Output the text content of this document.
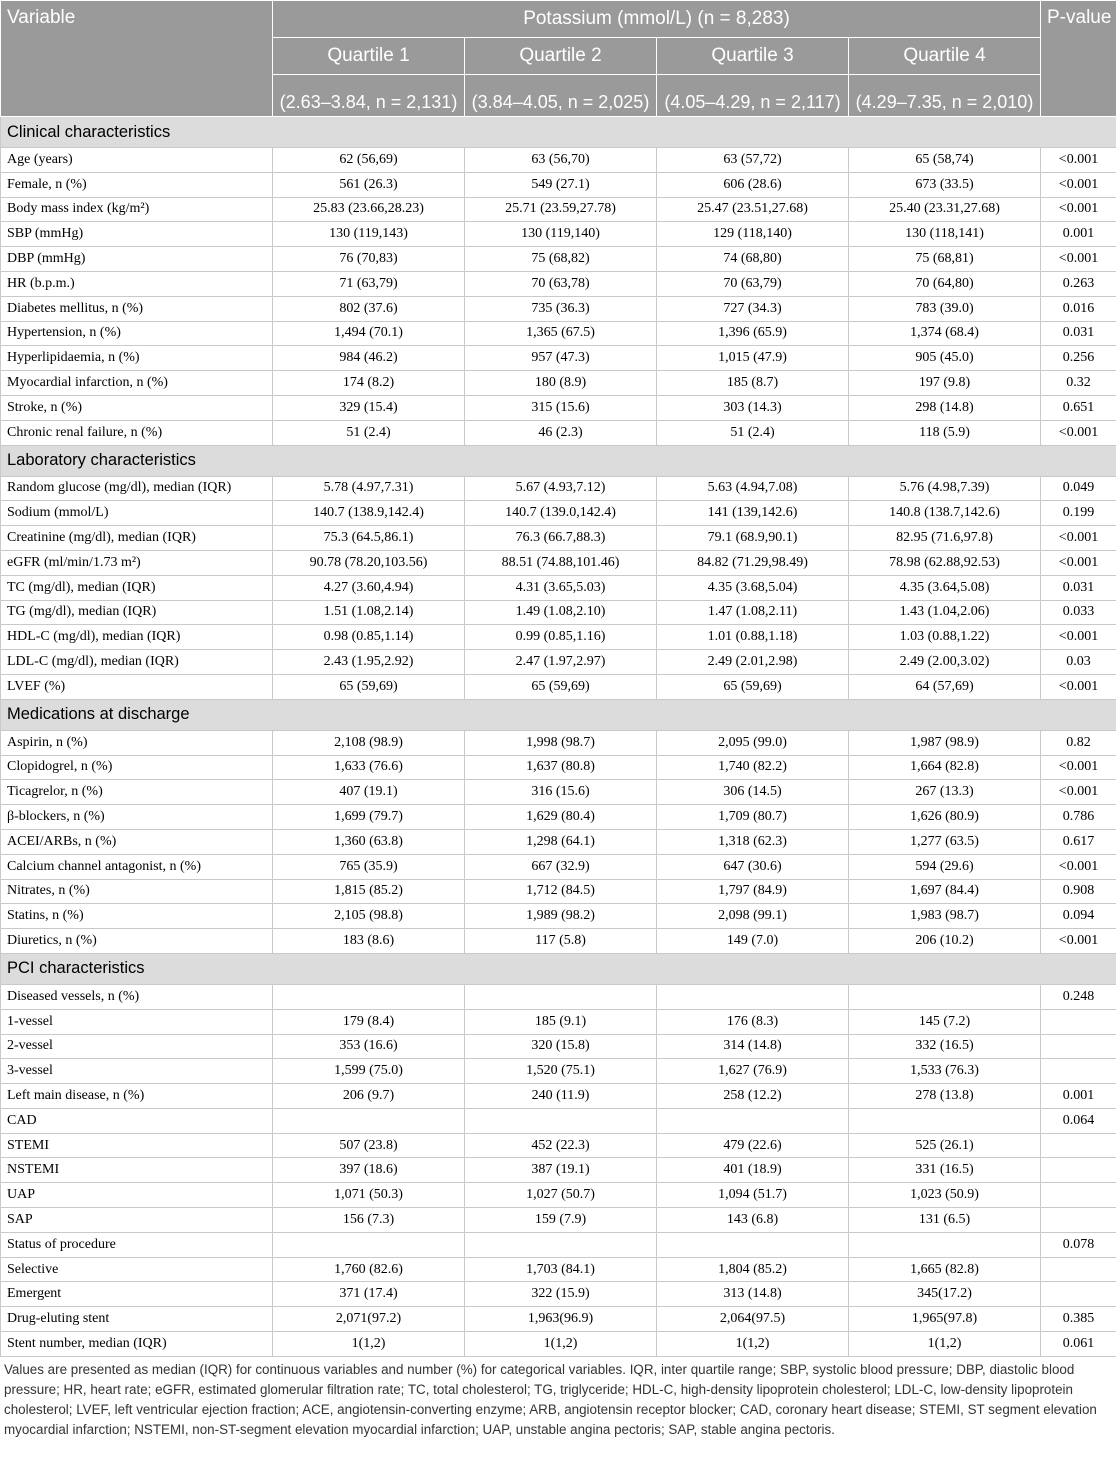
Variable	Potassium (mmol/L) (n = 8,283)				P-value
	Quartile 1	Quartile 2	Quartile 3	Quartile 4	
	(2.63–3.84, n = 2,131)	(3.84–4.05, n = 2,025)	(4.05–4.29, n = 2,117)	(4.29–7.35, n = 2,010)	
Clinical characteristics					
Age (years)	62 (56,69)	63 (56,70)	63 (57,72)	65 (58,74)	<0.001
Female, n (%)	561 (26.3)	549 (27.1)	606 (28.6)	673 (33.5)	<0.001
Body mass index (kg/m²)	25.83 (23.66,28.23)	25.71 (23.59,27.78)	25.47 (23.51,27.68)	25.40 (23.31,27.68)	<0.001
SBP (mmHg)	130 (119,143)	130 (119,140)	129 (118,140)	130 (118,141)	0.001
DBP (mmHg)	76 (70,83)	75 (68,82)	74 (68,80)	75 (68,81)	<0.001
HR (b.p.m.)	71 (63,79)	70 (63,78)	70 (63,79)	70 (64,80)	0.263
Diabetes mellitus, n (%)	802 (37.6)	735 (36.3)	727 (34.3)	783 (39.0)	0.016
Hypertension, n (%)	1,494 (70.1)	1,365 (67.5)	1,396 (65.9)	1,374 (68.4)	0.031
Hyperlipidaemia, n (%)	984 (46.2)	957 (47.3)	1,015 (47.9)	905 (45.0)	0.256
Myocardial infarction, n (%)	174 (8.2)	180 (8.9)	185 (8.7)	197 (9.8)	0.32
Stroke, n (%)	329 (15.4)	315 (15.6)	303 (14.3)	298 (14.8)	0.651
Chronic renal failure, n (%)	51 (2.4)	46 (2.3)	51 (2.4)	118 (5.9)	<0.001
Laboratory characteristics					
Random glucose (mg/dl), median (IQR)	5.78 (4.97,7.31)	5.67 (4.93,7.12)	5.63 (4.94,7.08)	5.76 (4.98,7.39)	0.049
Sodium (mmol/L)	140.7 (138.9,142.4)	140.7 (139.0,142.4)	141 (139,142.6)	140.8 (138.7,142.6)	0.199
Creatinine (mg/dl), median (IQR)	75.3 (64.5,86.1)	76.3 (66.7,88.3)	79.1 (68.9,90.1)	82.95 (71.6,97.8)	<0.001
eGFR (ml/min/1.73 m²)	90.78 (78.20,103.56)	88.51 (74.88,101.46)	84.82 (71.29,98.49)	78.98 (62.88,92.53)	<0.001
TC (mg/dl), median (IQR)	4.27 (3.60,4.94)	4.31 (3.65,5.03)	4.35 (3.68,5.04)	4.35 (3.64,5.08)	0.031
TG (mg/dl), median (IQR)	1.51 (1.08,2.14)	1.49 (1.08,2.10)	1.47 (1.08,2.11)	1.43 (1.04,2.06)	0.033
HDL-C (mg/dl), median (IQR)	0.98 (0.85,1.14)	0.99 (0.85,1.16)	1.01 (0.88,1.18)	1.03 (0.88,1.22)	<0.001
LDL-C (mg/dl), median (IQR)	2.43 (1.95,2.92)	2.47 (1.97,2.97)	2.49 (2.01,2.98)	2.49 (2.00,3.02)	0.03
LVEF (%)	65 (59,69)	65 (59,69)	65 (59,69)	64 (57,69)	<0.001
Medications at discharge					
Aspirin, n (%)	2,108 (98.9)	1,998 (98.7)	2,095 (99.0)	1,987 (98.9)	0.82
Clopidogrel, n (%)	1,633 (76.6)	1,637 (80.8)	1,740 (82.2)	1,664 (82.8)	<0.001
Ticagrelor, n (%)	407 (19.1)	316 (15.6)	306 (14.5)	267 (13.3)	<0.001
β-blockers, n (%)	1,699 (79.7)	1,629 (80.4)	1,709 (80.7)	1,626 (80.9)	0.786
ACEI/ARBs, n (%)	1,360 (63.8)	1,298 (64.1)	1,318 (62.3)	1,277 (63.5)	0.617
Calcium channel antagonist, n (%)	765 (35.9)	667 (32.9)	647 (30.6)	594 (29.6)	<0.001
Nitrates, n (%)	1,815 (85.2)	1,712 (84.5)	1,797 (84.9)	1,697 (84.4)	0.908
Statins, n (%)	2,105 (98.8)	1,989 (98.2)	2,098 (99.1)	1,983 (98.7)	0.094
Diuretics, n (%)	183 (8.6)	117 (5.8)	149 (7.0)	206 (10.2)	<0.001
PCI characteristics					
Diseased vessels, n (%)					0.248
1-vessel	179 (8.4)	185 (9.1)	176 (8.3)	145 (7.2)	
2-vessel	353 (16.6)	320 (15.8)	314 (14.8)	332 (16.5)	
3-vessel	1,599 (75.0)	1,520 (75.1)	1,627 (76.9)	1,533 (76.3)	
Left main disease, n (%)	206 (9.7)	240 (11.9)	258 (12.2)	278 (13.8)	0.001
CAD					0.064
STEMI	507 (23.8)	452 (22.3)	479 (22.6)	525 (26.1)	
NSTEMI	397 (18.6)	387 (19.1)	401 (18.9)	331 (16.5)	
UAP	1,071 (50.3)	1,027 (50.7)	1,094 (51.7)	1,023 (50.9)	
SAP	156 (7.3)	159 (7.9)	143 (6.8)	131 (6.5)	
Status of procedure					0.078
Selective	1,760 (82.6)	1,703 (84.1)	1,804 (85.2)	1,665 (82.8)	
Emergent	371 (17.4)	322 (15.9)	313 (14.8)	345(17.2)	
Drug-eluting stent	2,071(97.2)	1,963(96.9)	2,064(97.5)	1,965(97.8)	0.385
Stent number, median (IQR)	1(1,2)	1(1,2)	1(1,2)	1(1,2)	0.061
Values are presented as median (IQR) for continuous variables and number (%) for categorical variables. IQR, inter quartile range; SBP, systolic blood pressure; DBP, diastolic blood pressure; HR, heart rate; eGFR, estimated glomerular filtration rate; TC, total cholesterol; TG, triglyceride; HDL-C, high-density lipoprotein cholesterol; LDL-C, low-density lipoprotein cholesterol; LVEF, left ventricular ejection fraction; ACE, angiotensin-converting enzyme; ARB, angiotensin receptor blocker; CAD, coronary heart disease; STEMI, ST segment elevation myocardial infarction; NSTEMI, non-ST-segment elevation myocardial infarction; UAP, unstable angina pectoris; SAP, stable angina pectoris.
